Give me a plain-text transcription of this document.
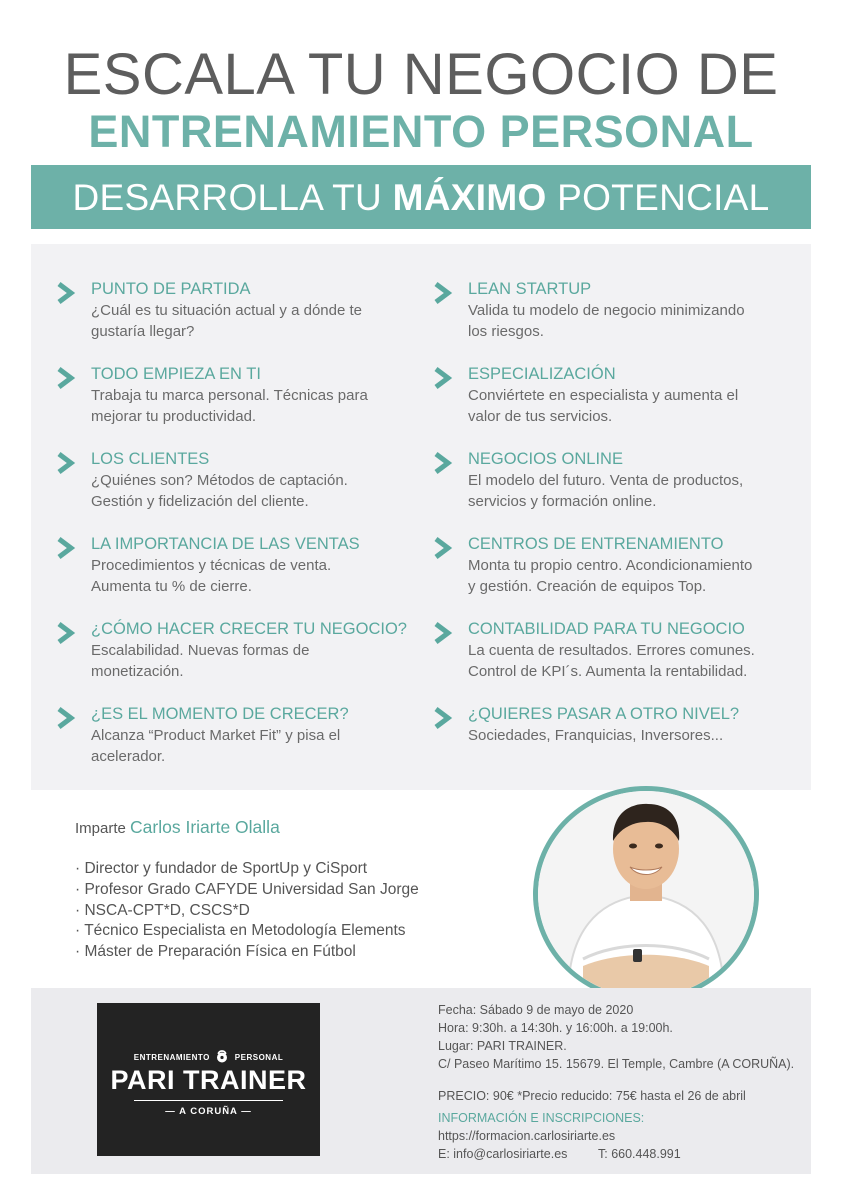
ESCALA TU NEGOCIO DE
ENTRENAMIENTO PERSONAL
DESARROLLA TU MÁXIMO POTENCIAL
PUNTO DE PARTIDA
¿Cuál es tu situación actual y a dónde te
gustaría llegar?
TODO EMPIEZA EN TI
Trabaja tu marca personal. Técnicas para
mejorar tu productividad.
LOS CLIENTES
¿Quiénes son? Métodos de captación.
Gestión y fidelización del cliente.
LA IMPORTANCIA DE LAS VENTAS
Procedimientos y técnicas de venta.
Aumenta tu % de cierre.
¿CÓMO HACER CRECER TU NEGOCIO?
Escalabilidad. Nuevas formas de
monetización.
¿ES EL MOMENTO DE CRECER?
Alcanza “Product Market Fit” y pisa el
acelerador.
LEAN STARTUP
Valida tu modelo de negocio minimizando
los riesgos.
ESPECIALIZACIÓN
Conviértete en especialista y aumenta el
valor de tus servicios.
NEGOCIOS ONLINE
El modelo del futuro. Venta de productos,
servicios y formación online.
CENTROS DE ENTRENAMIENTO
Monta tu propio centro. Acondicionamiento
y gestión. Creación de equipos Top.
CONTABILIDAD PARA TU NEGOCIO
La cuenta de resultados. Errores comunes.
Control de KPI´s. Aumenta la rentabilidad.
¿QUIERES PASAR A OTRO NIVEL?
Sociedades, Franquicias, Inversores...
Imparte Carlos Iriarte Olalla
· Director y fundador de SportUp y CiSport
· Profesor Grado CAFYDE Universidad San Jorge
· NSCA-CPT*D, CSCS*D
· Técnico Especialista en Metodología Elements
· Máster de Preparación Física en Fútbol
ENTRENAMIENTO	PERSONAL
PARI TRAINER
— A CORUÑA —
Fecha: Sábado 9 de mayo de 2020
Hora: 9:30h. a 14:30h. y 16:00h. a 19:00h.
Lugar: PARI TRAINER.
C/ Paseo Marítimo 15. 15679. El Temple, Cambre (A CORUÑA).
PRECIO: 90€ *Precio reducido: 75€ hasta el 26 de abril
INFORMACIÓN E INSCRIPCIONES:
https://formacion.carlosiriarte.es
E: info@carlosiriarte.es T: 660.448.991
